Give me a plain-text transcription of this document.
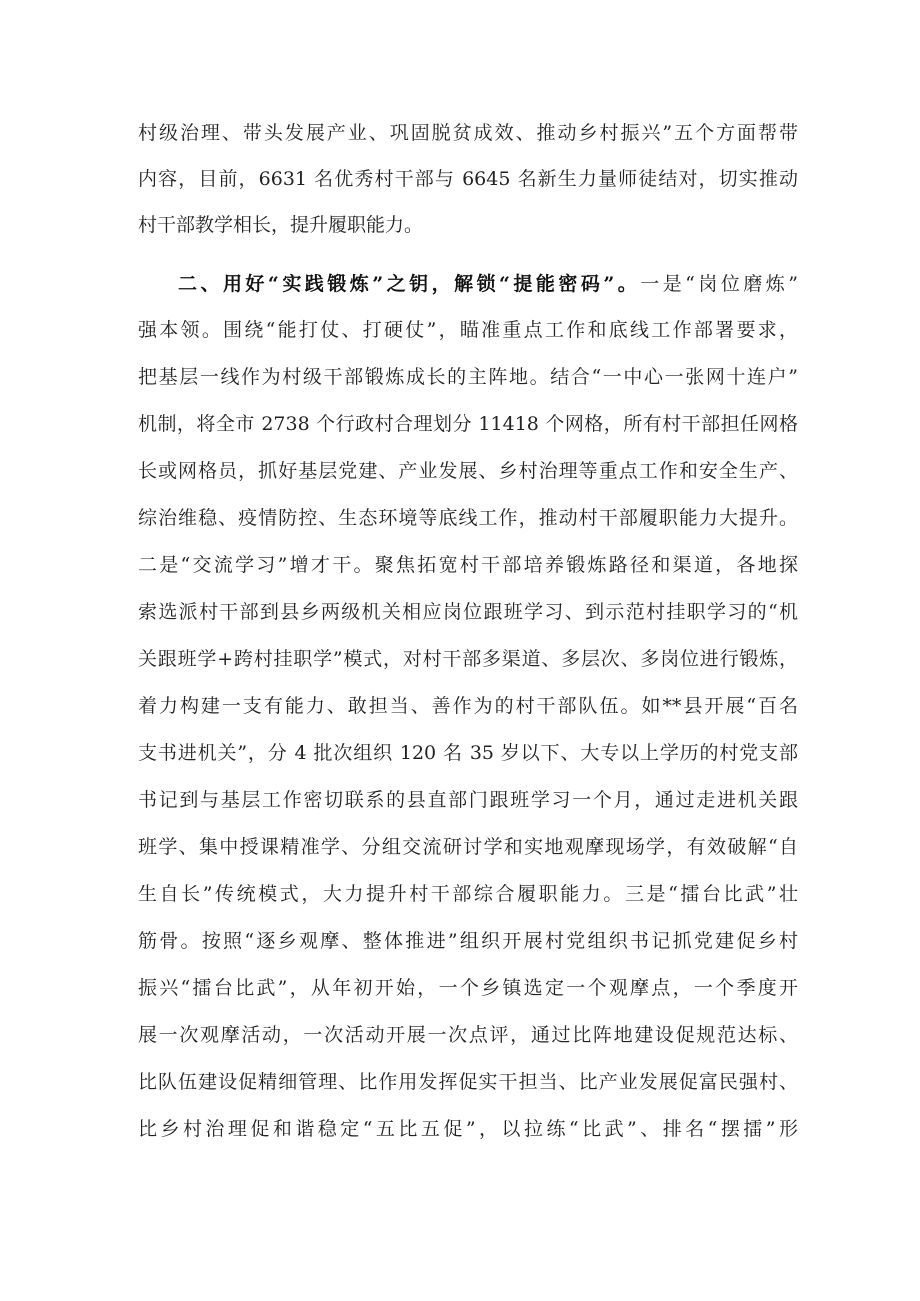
村级治理、带头发展产业、巩固脱贫成效、推动乡村振兴”五个方面帮带
内容，目前，6631 名优秀村干部与 6645 名新生力量师徒结对，切实推动
村干部教学相长，提升履职能力。
二、用好“实践锻炼”之钥，解锁“提能密码”。一是“岗位磨炼”
强本领。围绕“能打仗、打硬仗”，瞄准重点工作和底线工作部署要求，
把基层一线作为村级干部锻炼成长的主阵地。结合“一中心一张网十连户”
机制，将全市 2738 个行政村合理划分 11418 个网格，所有村干部担任网格
长或网格员，抓好基层党建、产业发展、乡村治理等重点工作和安全生产、
综治维稳、疫情防控、生态环境等底线工作，推动村干部履职能力大提升。
二是“交流学习”增才干。聚焦拓宽村干部培养锻炼路径和渠道，各地探
索选派村干部到县乡两级机关相应岗位跟班学习、到示范村挂职学习的“机
关跟班学+跨村挂职学”模式，对村干部多渠道、多层次、多岗位进行锻炼，
着力构建一支有能力、敢担当、善作为的村干部队伍。如**县开展“百名
支书进机关”，分 4 批次组织 120 名 35 岁以下、大专以上学历的村党支部
书记到与基层工作密切联系的县直部门跟班学习一个月，通过走进机关跟
班学、集中授课精准学、分组交流研讨学和实地观摩现场学，有效破解“自
生自长”传统模式，大力提升村干部综合履职能力。三是“擂台比武”壮
筋骨。按照“逐乡观摩、整体推进”组织开展村党组织书记抓党建促乡村
振兴“擂台比武”，从年初开始，一个乡镇选定一个观摩点，一个季度开
展一次观摩活动，一次活动开展一次点评，通过比阵地建设促规范达标、
比队伍建设促精细管理、比作用发挥促实干担当、比产业发展促富民强村、
比乡村治理促和谐稳定“五比五促”，以拉练“比武”、排名“摆擂”形
